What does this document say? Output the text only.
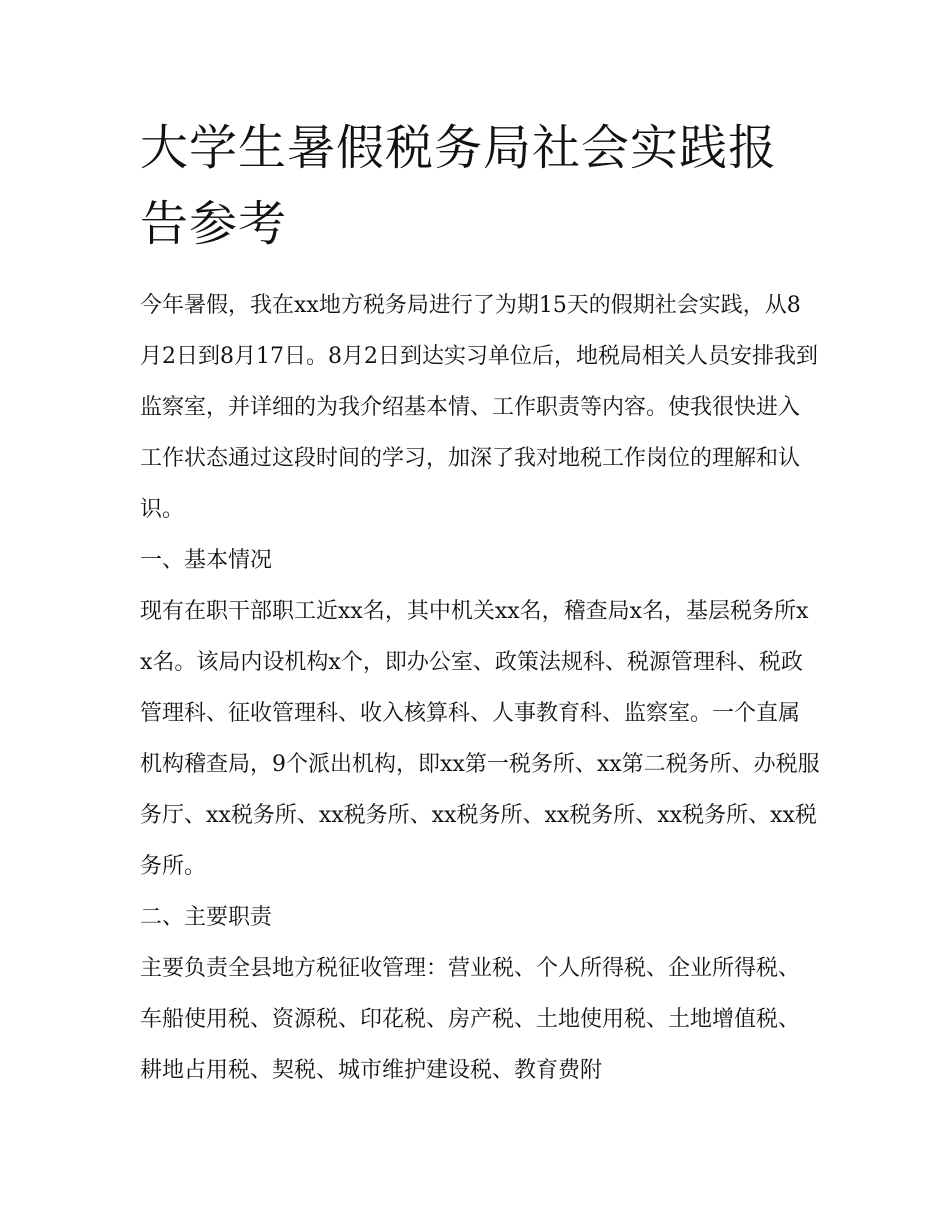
大学生暑假税务局社会实践报告参考

今年暑假，我在xx地方税务局进行了为期15天的假期社会实践，从8月2日到8月17日。8月2日到达实习单位后，地税局相关人员安排我到监察室，并详细的为我介绍基本情、工作职责等内容。使我很快进入工作状态通过这段时间的学习，加深了我对地税工作岗位的理解和认识。

一、基本情况

现有在职干部职工近xx名，其中机关xx名，稽查局x名，基层税务所xx名。该局内设机构x个，即办公室、政策法规科、税源管理科、税政管理科、征收管理科、收入核算科、人事教育科、监察室。一个直属机构稽查局，9个派出机构，即xx第一税务所、xx第二税务所、办税服务厅、xx税务所、xx税务所、xx税务所、xx税务所、xx税务所、xx税务所。

二、主要职责

主要负责全县地方税征收管理：营业税、个人所得税、企业所得税、车船使用税、资源税、印花税、房产税、土地使用税、土地增值税、耕地占用税、契税、城市维护建设税、教育费附
